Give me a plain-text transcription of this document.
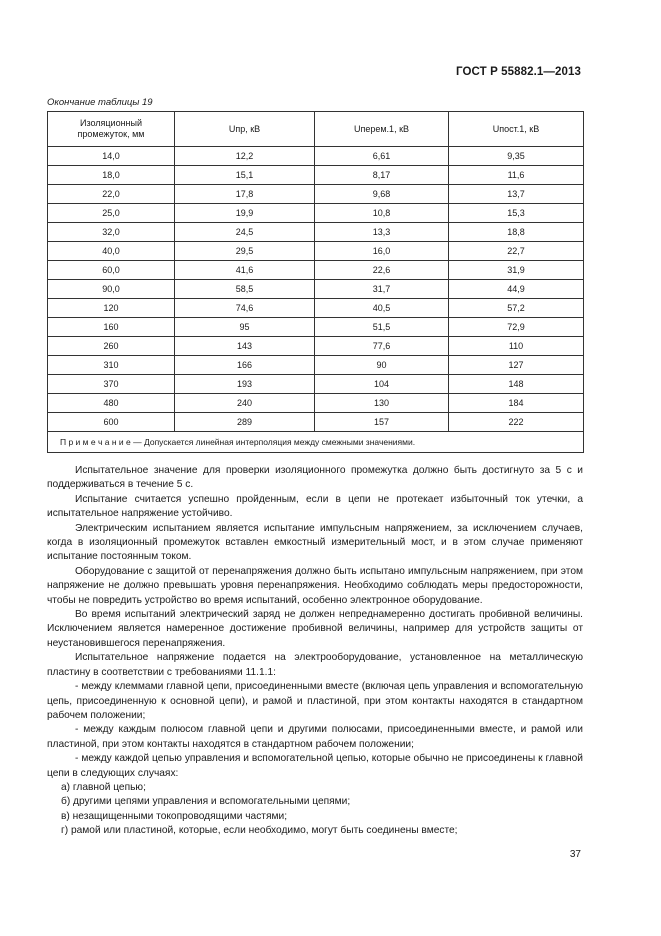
ГОСТ Р 55882.1—2013
Окончание таблицы 19
Изоляционный промежуток, мм	Uпр, кВ	Uперем.1, кВ	Uпост.1, кВ
14,0	12,2	6,61	9,35
18,0	15,1	8,17	11,6
22,0	17,8	9,68	13,7
25,0	19,9	10,8	15,3
32,0	24,5	13,3	18,8
40,0	29,5	16,0	22,7
60,0	41,6	22,6	31,9
90,0	58,5	31,7	44,9
120	74,6	40,5	57,2
160	95	51,5	72,9
260	143	77,6	110
310	166	90	127
370	193	104	148
480	240	130	184
600	289	157	222
П р и м е ч а н и е — Допускается линейная интерполяция между смежными значениями.			

Испытательное значение для проверки изоляционного промежутка должно быть достигнуто за 5 с и поддерживаться в течение 5 с.

Испытание считается успешно пройденным, если в цепи не протекает избыточный ток утечки, а испытательное напряжение устойчиво.

Электрическим испытанием является испытание импульсным напряжением, за исключением случаев, когда в изоляционный промежуток вставлен емкостный измерительный мост, и в этом случае применяют испытание постоянным током.

Оборудование с защитой от перенапряжения должно быть испытано импульсным напряжением, при этом напряжение не должно превышать уровня перенапряжения. Необходимо соблюдать меры предосторожности, чтобы не повредить устройство во время испытаний, особенно электронное оборудование.

Во время испытаний электрический заряд не должен непреднамеренно достигать пробивной величины. Исключением является намеренное достижение пробивной величины, например для устройств защиты от неустановившегося перенапряжения.

Испытательное напряжение подается на электрооборудование, установленное на металлическую пластину в соответствии с требованиями 11.1.1:

- между клеммами главной цепи, присоединенными вместе (включая цепь управления и вспомогательную цепь, присоединенную к основной цепи), и рамой и пластиной, при этом контакты находятся в стандартном рабочем положении;

- между каждым полюсом главной цепи и другими полюсами, присоединенными вместе, и рамой или пластиной, при этом контакты находятся в стандартном рабочем положении;

- между каждой цепью управления и вспомогательной цепью, которые обычно не присоединены к главной цепи в следующих случаях:

а) главной цепью;

б) другими цепями управления и вспомогательными цепями;

в) незащищенными токопроводящими частями;

г) рамой или пластиной, которые, если необходимо, могут быть соединены вместе;

37
